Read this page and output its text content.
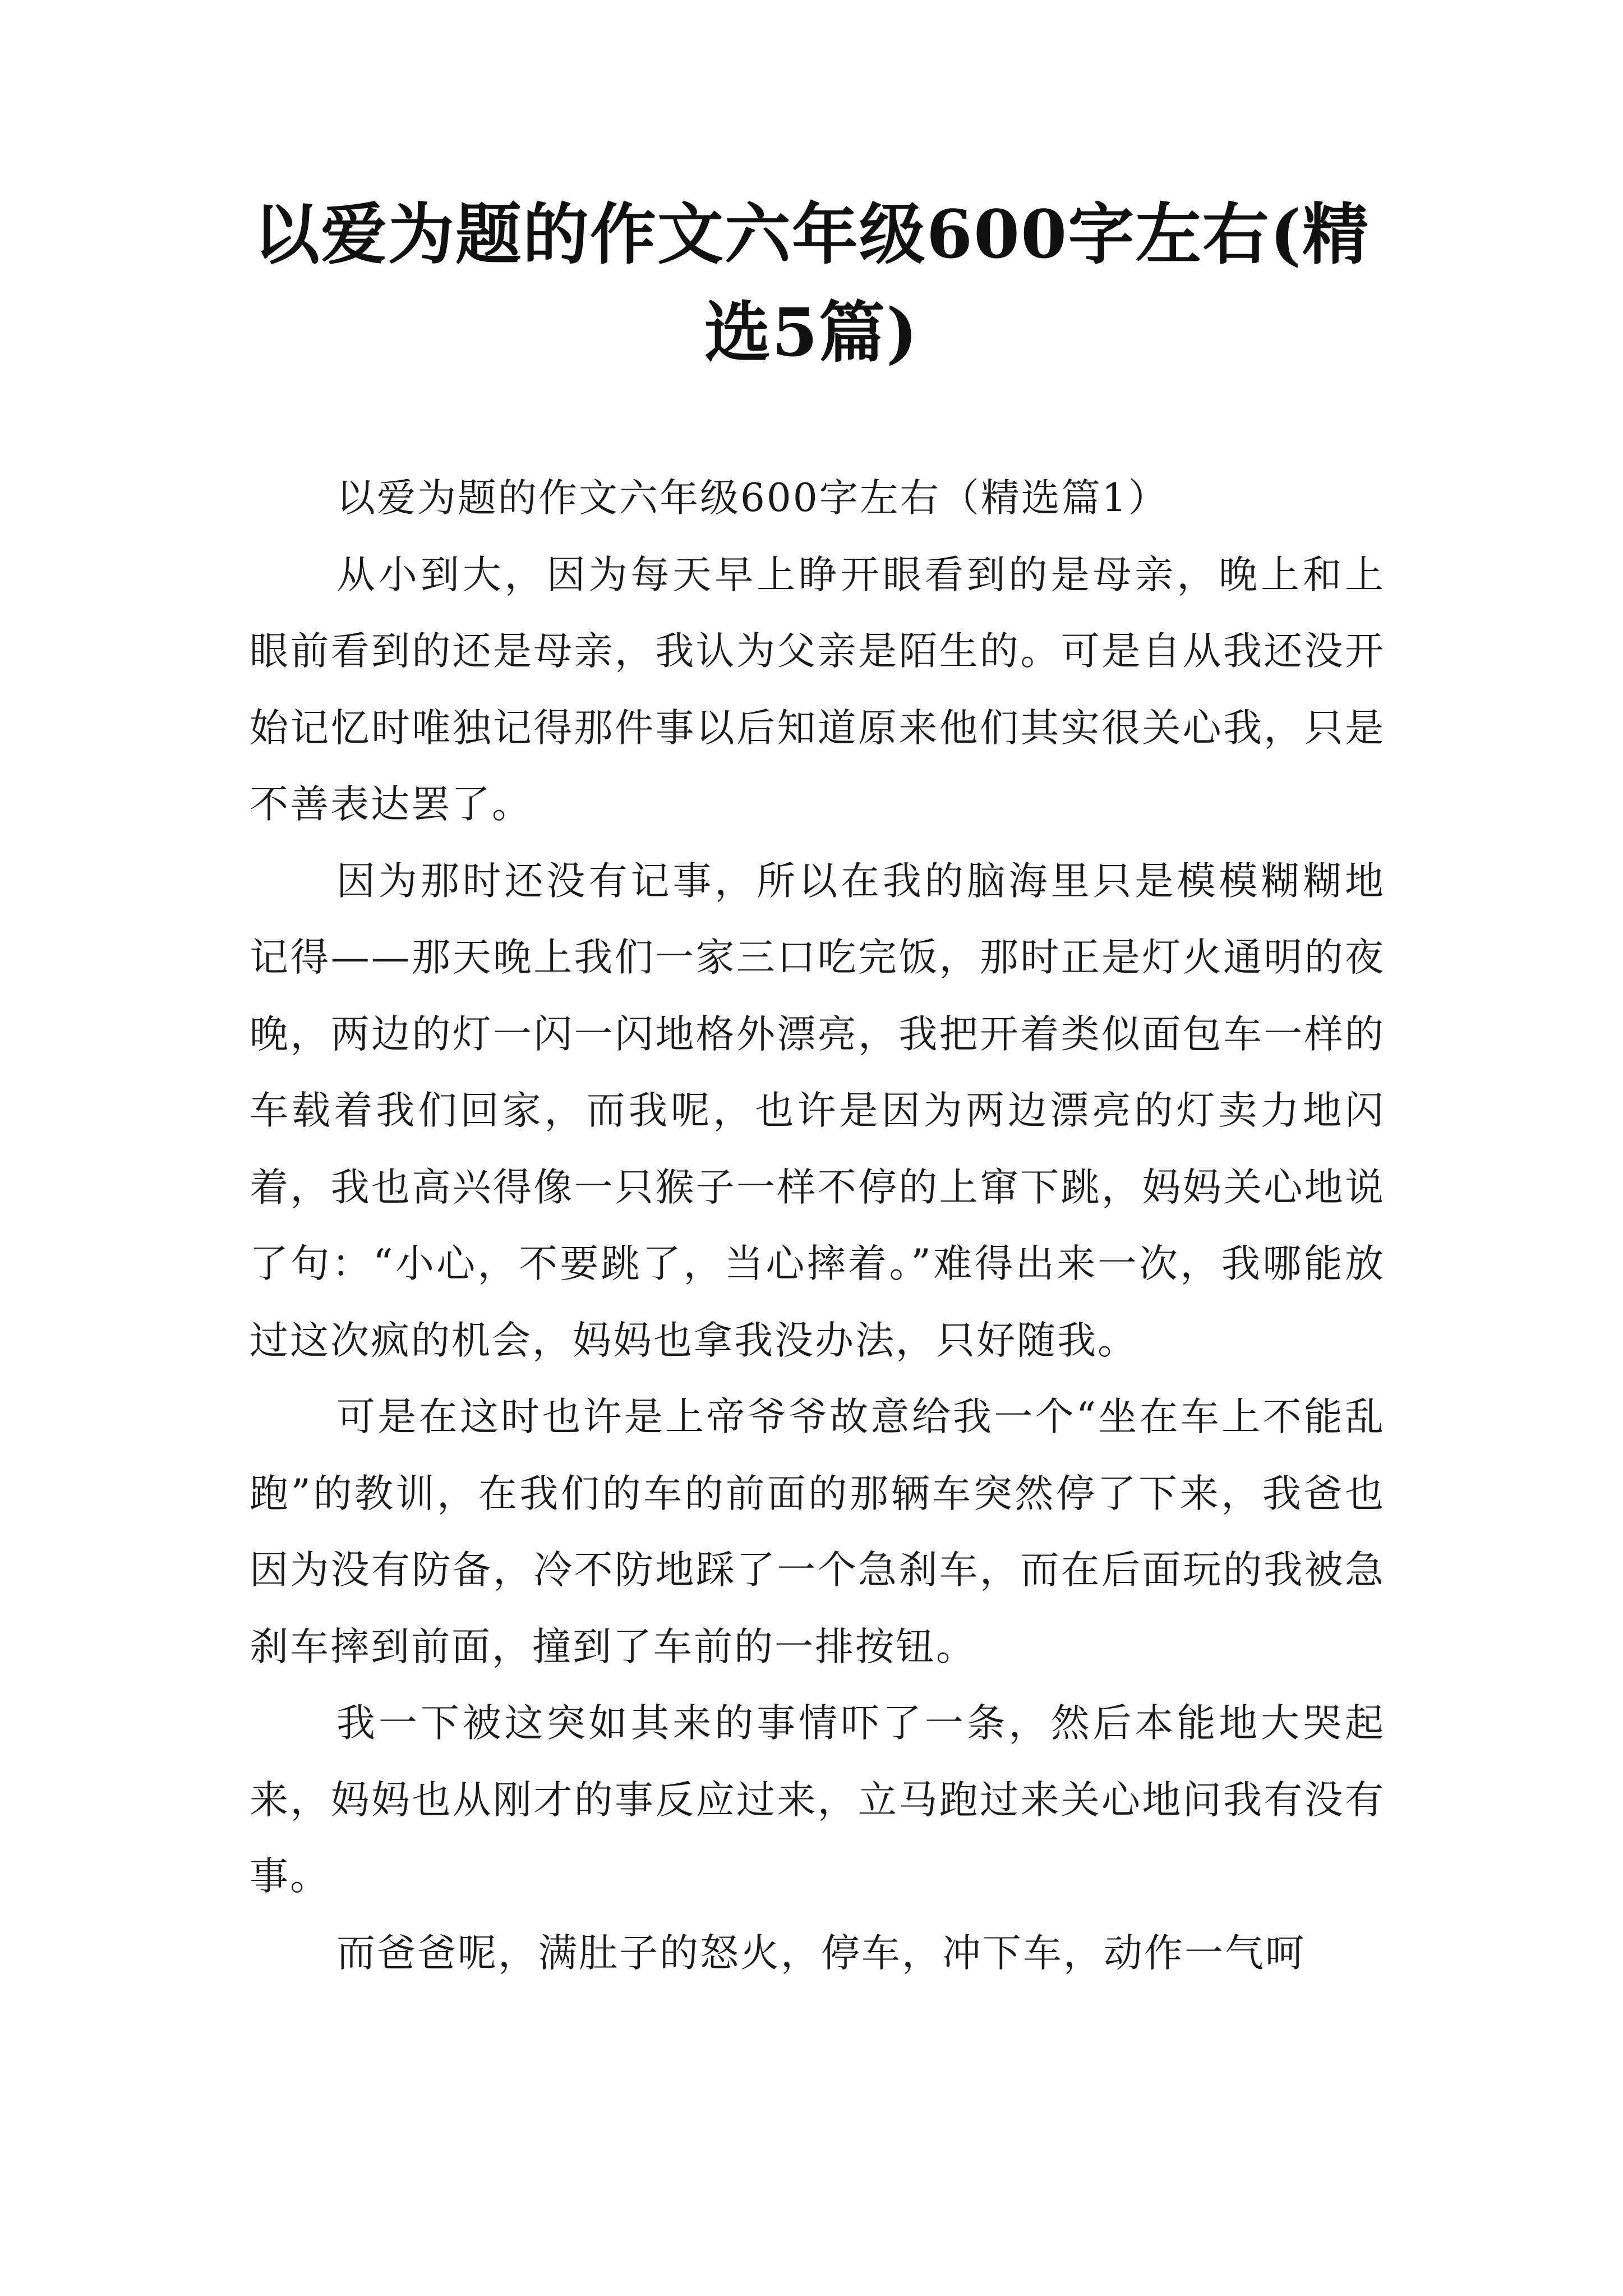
以爱为题的作文六年级600字左右(精选5篇)

以爱为题的作文六年级600字左右（精选篇1）

从小到大，因为每天早上睁开眼看到的是母亲，晚上和上眼前看到的还是母亲，我认为父亲是陌生的。可是自从我还没开始记忆时唯独记得那件事以后知道原来他们其实很关心我，只是不善表达罢了。

因为那时还没有记事，所以在我的脑海里只是模模糊糊地记得——那天晚上我们一家三口吃完饭，那时正是灯火通明的夜晚，两边的灯一闪一闪地格外漂亮，我把开着类似面包车一样的车载着我们回家，而我呢，也许是因为两边漂亮的灯卖力地闪着，我也高兴得像一只猴子一样不停的上窜下跳，妈妈关心地说了句：“小心，不要跳了，当心摔着。”难得出来一次，我哪能放过这次疯的机会，妈妈也拿我没办法，只好随我。

可是在这时也许是上帝爷爷故意给我一个“坐在车上不能乱跑”的教训，在我们的车的前面的那辆车突然停了下来，我爸也因为没有防备，冷不防地踩了一个急刹车，而在后面玩的我被急刹车摔到前面，撞到了车前的一排按钮。

我一下被这突如其来的事情吓了一条，然后本能地大哭起来，妈妈也从刚才的事反应过来，立马跑过来关心地问我有没有事。

而爸爸呢，满肚子的怒火，停车，冲下车，动作一气呵
